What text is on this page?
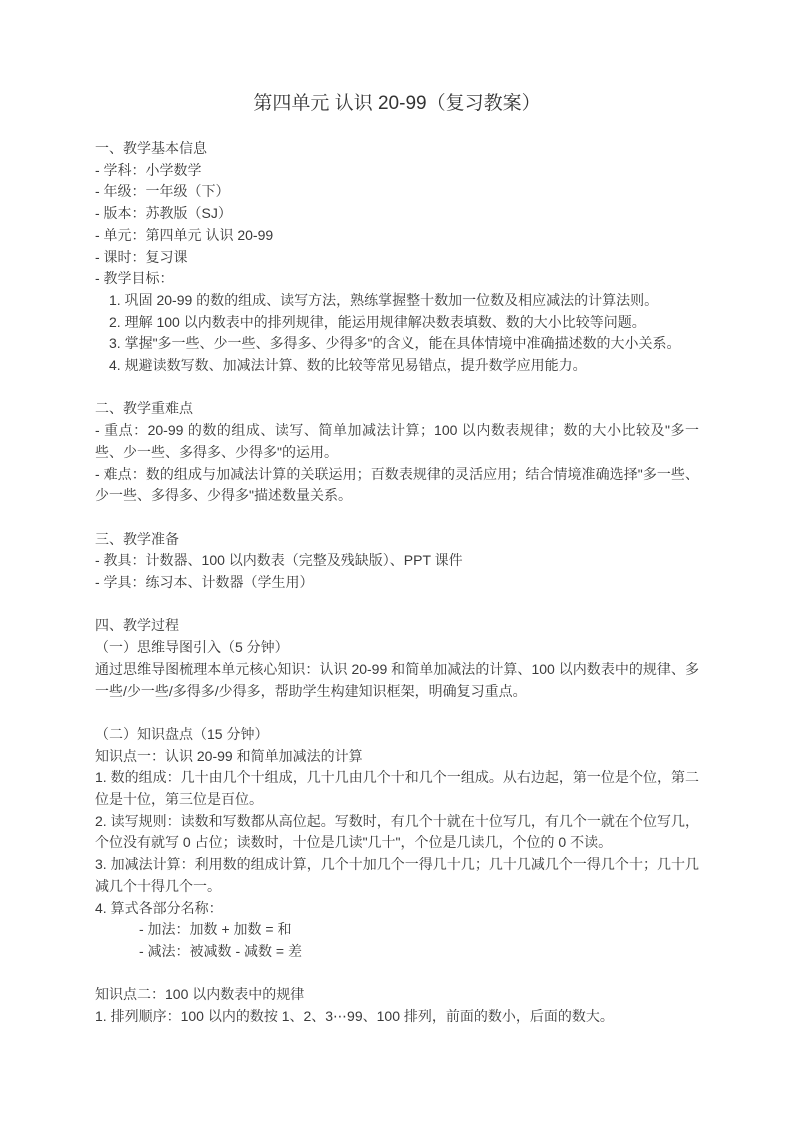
第四单元 认识 20-99（复习教案）

一、教学基本信息

- 学科：小学数学

- 年级：一年级（下）

- 版本：苏教版（SJ）

- 单元：第四单元 认识 20-99

- 课时：复习课

- 教学目标：

1. 巩固 20-99 的数的组成、读写方法，熟练掌握整十数加一位数及相应减法的计算法则。

2. 理解 100 以内数表中的排列规律，能运用规律解决数表填数、数的大小比较等问题。

3. 掌握"多一些、少一些、多得多、少得多"的含义，能在具体情境中准确描述数的大小关系。

4. 规避读数写数、加减法计算、数的比较等常见易错点，提升数学应用能力。

二、教学重难点

- 重点：20-99 的数的组成、读写、简单加减法计算；100 以内数表规律；数的大小比较及"多一些、少一些、多得多、少得多"的运用。

- 难点：数的组成与加减法计算的关联运用；百数表规律的灵活应用；结合情境准确选择"多一些、少一些、多得多、少得多"描述数量关系。

三、教学准备

- 教具：计数器、100 以内数表（完整及残缺版）、PPT 课件

- 学具：练习本、计数器（学生用）

四、教学过程

（一）思维导图引入（5 分钟）

通过思维导图梳理本单元核心知识：认识 20-99 和简单加减法的计算、100 以内数表中的规律、多一些/少一些/多得多/少得多，帮助学生构建知识框架，明确复习重点。

（二）知识盘点（15 分钟）

知识点一：认识 20-99 和简单加减法的计算

1. 数的组成：几十由几个十组成，几十几由几个十和几个一组成。从右边起，第一位是个位，第二位是十位，第三位是百位。

2. 读写规则：读数和写数都从高位起。写数时，有几个十就在十位写几，有几个一就在个位写几，个位没有就写 0 占位；读数时，十位是几读"几十"，个位是几读几，个位的 0 不读。

3. 加减法计算：利用数的组成计算，几个十加几个一得几十几；几十几减几个一得几个十；几十几减几个十得几个一。

4. 算式各部分名称：

- 加法：加数 + 加数 = 和

- 减法：被减数 - 减数 = 差

知识点二：100 以内数表中的规律

1. 排列顺序：100 以内的数按 1、2、3⋯99、100 排列，前面的数小，后面的数大。
